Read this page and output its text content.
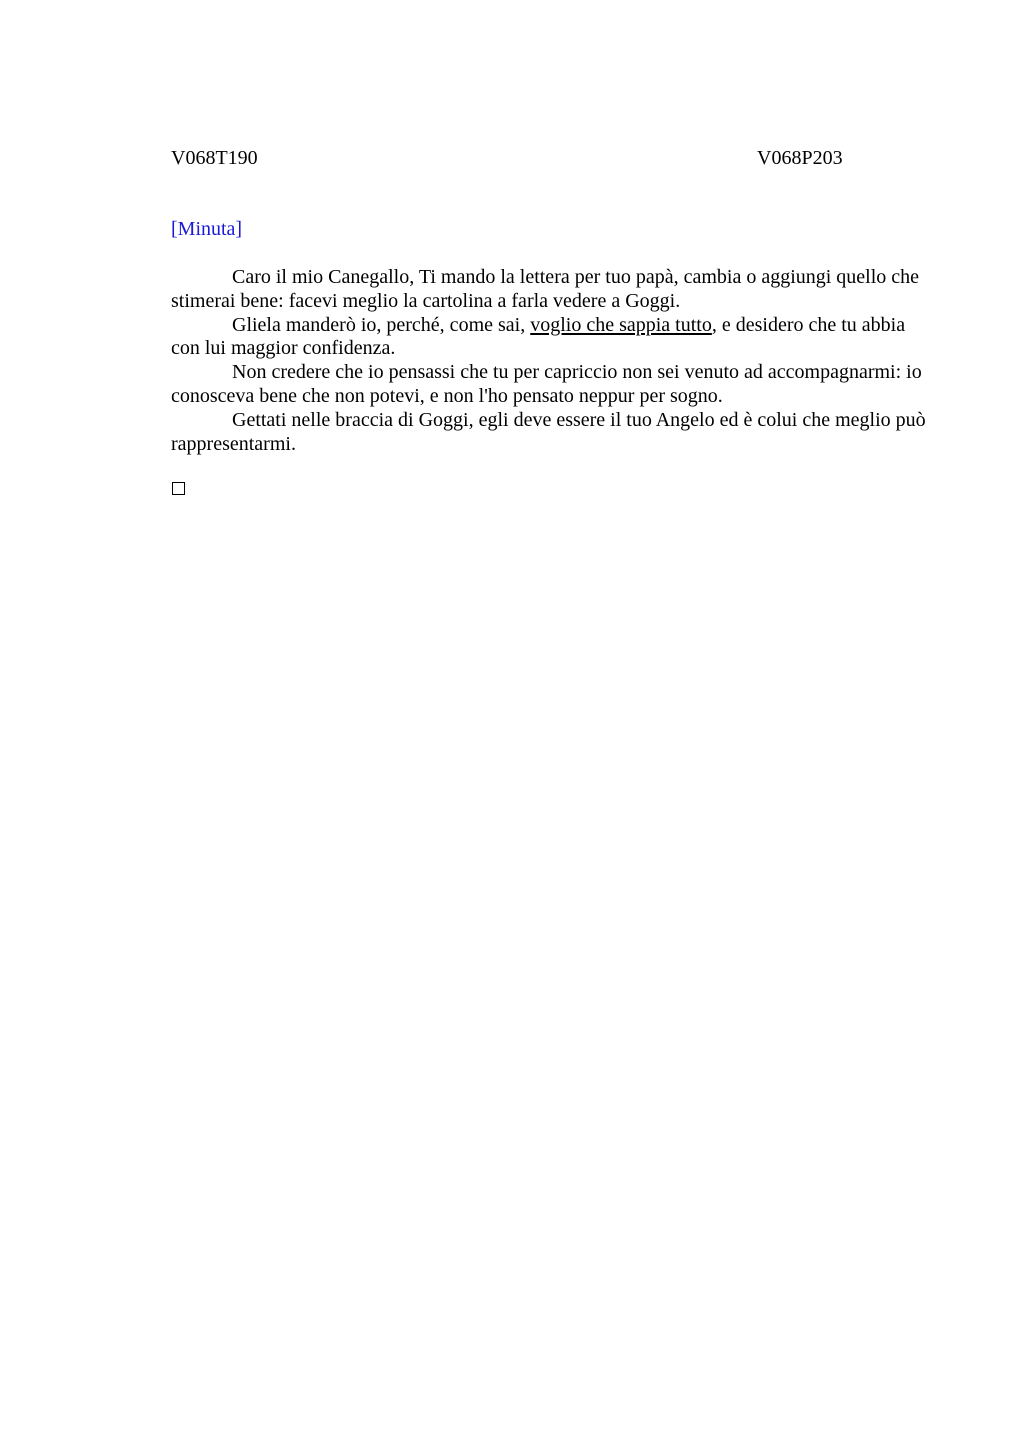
V068T190	V068P203
[Minuta]

Caro il mio Canegallo, Ti mando la lettera per tuo papà, cambia o aggiungi quello che stimerai bene: facevi meglio la cartolina a farla vedere a Goggi.

Gliela manderò io, perché, come sai, voglio che sappia tutto, e desidero che tu abbia con lui maggior confidenza.

Non credere che io pensassi che tu per capriccio non sei venuto ad accompagnarmi: io conosceva bene che non potevi, e non l'ho pensato neppur per sogno.

Gettati nelle braccia di Goggi, egli deve essere il tuo Angelo ed è colui che meglio può rappresentarmi.
